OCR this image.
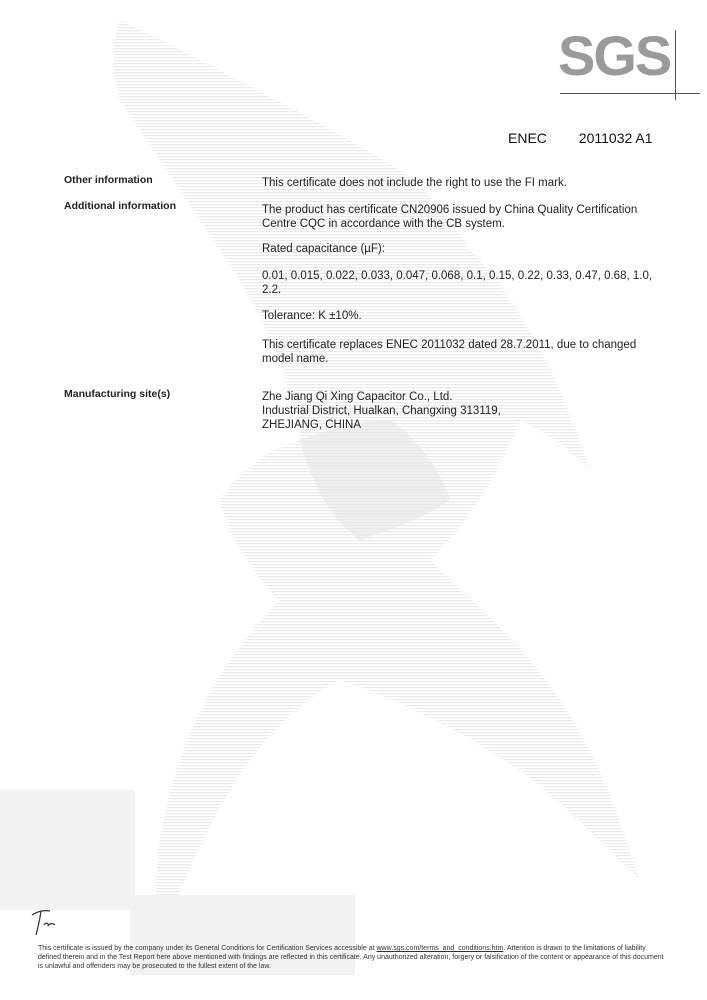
SGS
ENEC 2011032 A1
Other information	This certificate does not include the right to use the FI mark.
Additional information	The product has certificate CN20906 issued by China Quality Certification Centre CQC in accordance with the CB system.
Rated capacitance (µF):
0.01, 0.015, 0.022, 0.033, 0.047, 0.068, 0.1, 0.15, 0.22, 0.33, 0.47, 0.68, 1.0, 2.2.
Tolerance: K ±10%.
This certificate replaces ENEC 2011032 dated 28.7.2011, due to changed model name.
Manufacturing site(s)	Zhe Jiang Qi Xing Capacitor Co., Ltd.
Industrial District, Hualkan, Changxing 313119,
ZHEJIANG, CHINA
This certificate is issued by the company under its General Conditions for Certification Services accessible at www.sgs.com/terms_and_conditions.htm. Attention is drawn to the limitations of liability defined therein and in the Test Report here above mentioned with findings are reflected in this certificate. Any unauthorized alteration, forgery or falsification of the content or appearance of this document is unlawful and offenders may be prosecuted to the fullest extent of the law.
